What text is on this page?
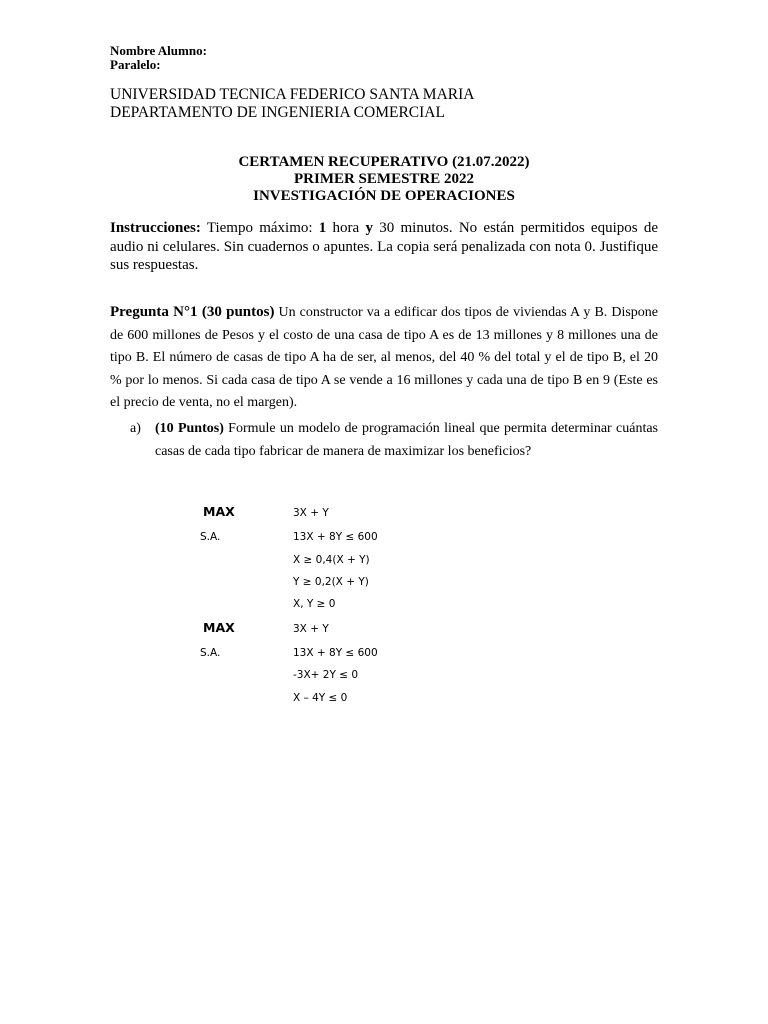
Nombre Alumno:
Paralelo:
UNIVERSIDAD TECNICA FEDERICO SANTA MARIA
DEPARTAMENTO DE INGENIERIA COMERCIAL
CERTAMEN RECUPERATIVO (21.07.2022)
PRIMER SEMESTRE 2022
INVESTIGACIÓN DE OPERACIONES
Instrucciones: Tiempo máximo: 1 hora y 30 minutos. No están permitidos equipos de audio ni celulares. Sin cuadernos o apuntes. La copia será penalizada con nota 0. Justifique sus respuestas.
Pregunta N°1 (30 puntos) Un constructor va a edificar dos tipos de viviendas A y B. Dispone de 600 millones de Pesos y el costo de una casa de tipo A es de 13 millones y 8 millones una de tipo B. El número de casas de tipo A ha de ser, al menos, del 40 % del total y el de tipo B, el 20 % por lo menos. Si cada casa de tipo A se vende a 16 millones y cada una de tipo B en 9 (Este es el precio de venta, no el margen).
a) (10 Puntos) Formule un modelo de programación lineal que permita determinar cuántas casas de cada tipo fabricar de manera de maximizar los beneficios?
MAX	3X + Y
S.A.	13X + 8Y ≤ 600
X ≥ 0,4(X + Y)
Y ≥ 0,2(X + Y)
X, Y ≥ 0
MAX	3X + Y
S.A.	13X + 8Y ≤ 600
-3X+ 2Y ≤ 0
X – 4Y ≤ 0
